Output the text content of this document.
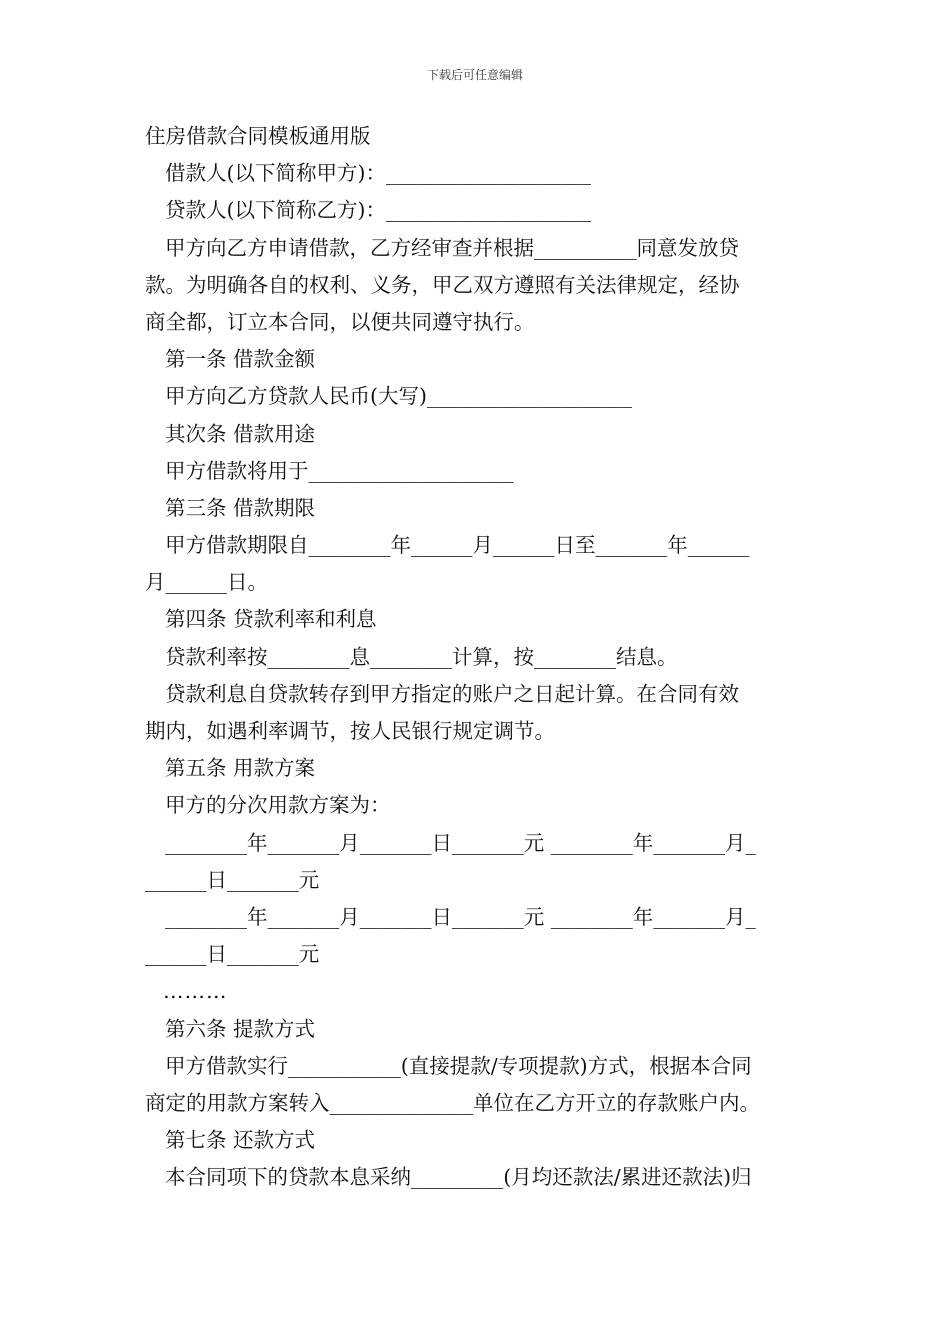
下载后可任意编辑
住房借款合同模板通用版
借款人(以下简称甲方)：____________________
贷款人(以下简称乙方)：____________________
甲方向乙方申请借款，乙方经审查并根据__________同意发放贷
款。为明确各自的权利、义务，甲乙双方遵照有关法律规定，经协
商全都，订立本合同，以便共同遵守执行。
第一条 借款金额
甲方向乙方贷款人民币(大写)____________________
其次条 借款用途
甲方借款将用于____________________
第三条 借款期限
甲方借款期限自________年______月______日至_______年______
月______日。
第四条 贷款利率和利息
贷款利率按________息________计算，按________结息。
贷款利息自贷款转存到甲方指定的账户之日起计算。在合同有效
期内，如遇利率调节，按人民银行规定调节。
第五条 用款方案
甲方的分次用款方案为：
________年_______月_______日_______元 ________年_______月_
______日_______元
________年_______月_______日_______元 ________年_______月_
______日_______元
………
第六条 提款方式
甲方借款实行___________(直接提款/专项提款)方式，根据本合同
商定的用款方案转入______________单位在乙方开立的存款账户内。
第七条 还款方式
本合同项下的贷款本息采纳_________(月均还款法/累进还款法)归
